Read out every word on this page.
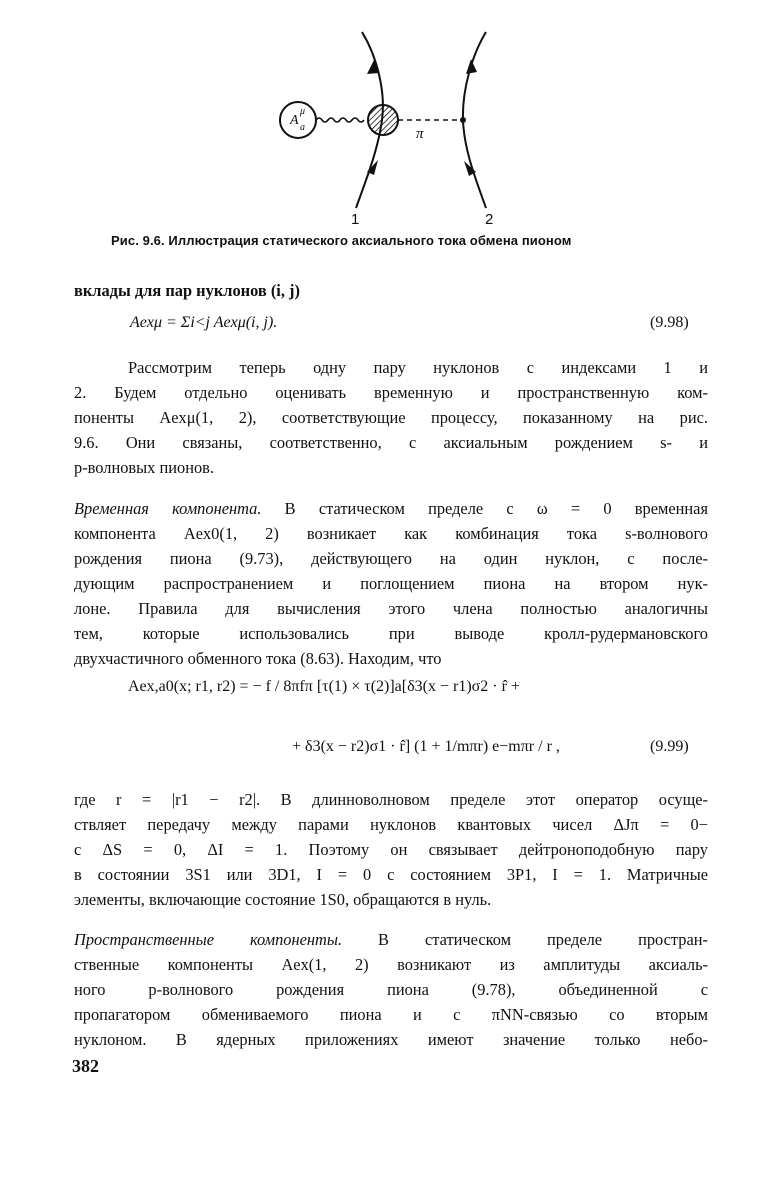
A
μ
a	π
1	2
Рис. 9.6. Иллюстрация статического аксиального тока обмена пионом
вклады для пар нуклонов (i, j)
Aexμ = Σi<j Aexμ(i, j).	(9.98)
Рассмотрим теперь одну пару нуклонов с индексами 1 и
2. Будем отдельно оценивать временную и пространственную ком-
поненты Aexμ(1, 2), соответствующие процессу, показанному на рис.
9.6. Они связаны, соответственно, с аксиальным рождением s- и
p-волновых пионов.
Временная компонента. В статическом пределе с ω = 0 временная
компонента Aex0(1, 2) возникает как комбинация тока s-волнового
рождения пиона (9.73), действующего на один нуклон, с после-
дующим распространением и поглощением пиона на втором нук-
лоне. Правила для вычисления этого члена полностью аналогичны
тем, которые использовались при выводе кролл-рудермановского
двухчастичного обменного тока (8.63). Находим, что
Aex,a0(x; r1, r2) = − f / 8πfπ [τ(1) × τ(2)]a[δ3(x − r1)σ2 · r̂ +
+ δ3(x − r2)σ1 · r̂] (1 + 1/mπr) e−mπr / r ,	(9.99)
где r = |r1 − r2|. В длинноволновом пределе этот оператор осуще-
ствляет передачу между парами нуклонов квантовых чисел ΔJπ = 0−
с ΔS = 0, ΔI = 1. Поэтому он связывает дейтроноподобную пару
в состоянии 3S1 или 3D1, I = 0 с состоянием 3P1, I = 1. Матричные
элементы, включающие состояние 1S0, обращаются в нуль.
Пространственные компоненты. В статическом пределе простран-
ственные компоненты Aex(1, 2) возникают из амплитуды аксиаль-
ного p-волнового рождения пиона (9.78), объединенной с
пропагатором обмениваемого пиона и с πNN-связью со вторым
нуклоном. В ядерных приложениях имеют значение только небо-
382
